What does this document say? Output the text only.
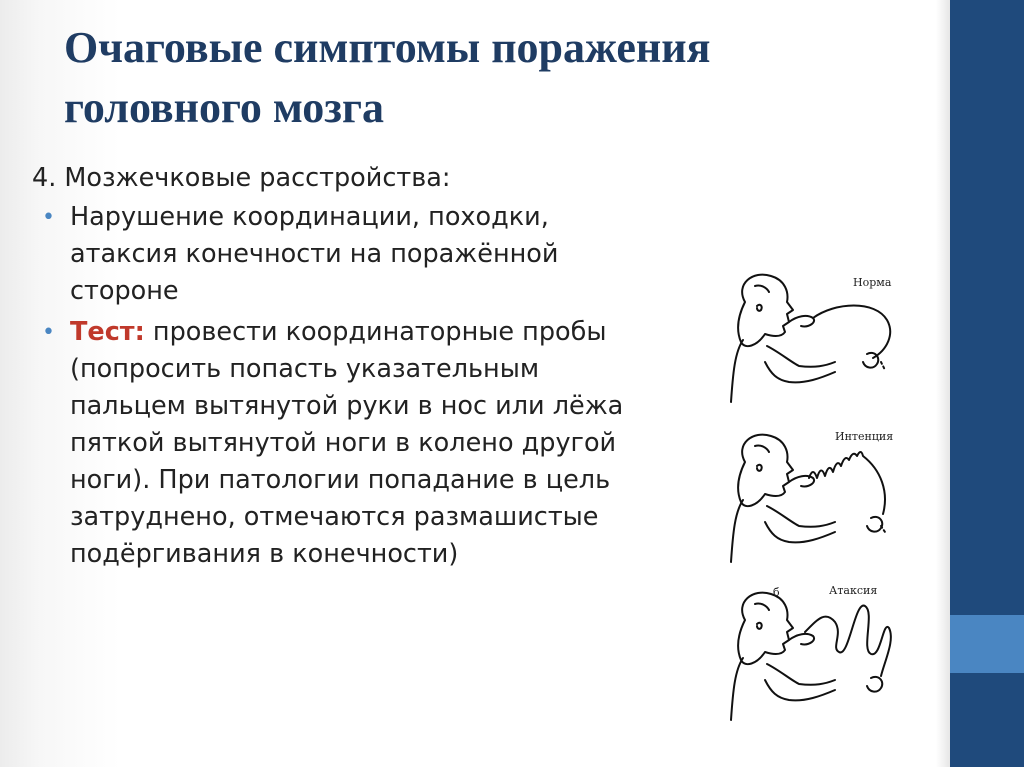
Очаговые симптомы поражения головного мозга

4. Мозжечковые расстройства:

• Нарушение координации, походки, атаксия конечности на поражённой стороне

• Тест: провести координаторные пробы (попросить попасть указательным пальцем вытянутой руки в нос или лёжа пяткой вытянутой ноги в колено другой ноги). При патологии попадание в цель затруднено, отмечаются размашистые подёргивания в конечности)

Норма
Интенция
Атаксия
б
